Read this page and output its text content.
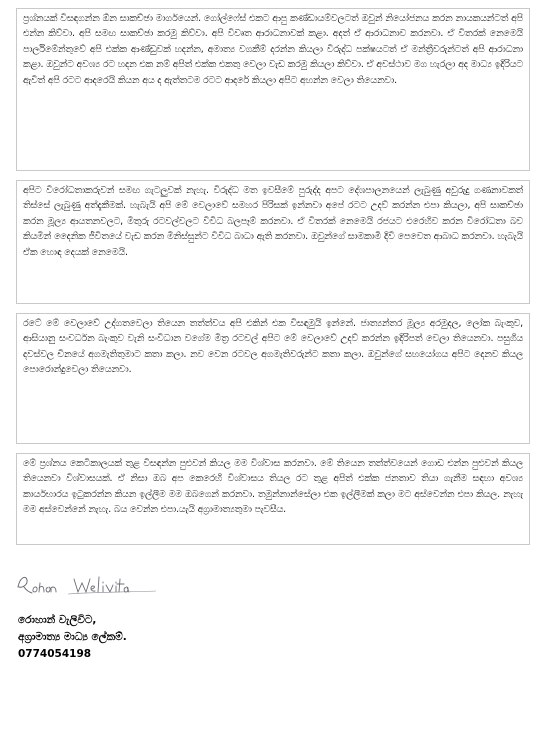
ප්‍රශ්නයක් විසඳගන්න ඕන සාකච්ඡා මාර්ගයෙන්. ගෝල්ෆේස් එකට ආපු කණ්ඩායම්වලටත් ඔවුන් නියෝජනය කරන නායකයන්ටත් අපි එන්න කිව්වා. අපි සමඟ සාකච්ඡා කරමු කිව්වා. අපි විවෘත ආරාධනාවක් කළා. අදත් ඒ ආරාධනාව කරනවා. ඒ විතරක් නෙමෙයි පාර්ලිමේන්තුවේ අපි එක්ක ආණ්ඩුවක් හදන්න, අමාත්‍ය වගකීම් දරන්න කියලා විරුද්ධ පක්ෂයටත් ඒ මන්ත්‍රීවරුන්ටත් අපි ආරාධනා කළා. ඔවුන්ට අවශ්‍ය රට හදන එක නම් අපිත් එක්ක එකතු වෙලා වැඩ කරමු කියලා කිව්වා. ඒ අවස්ථාව මග හැරලා අද මාධ්‍ය ඉදිරියට ඇවිත් අපි රටට ආදරෙයි කියන අය ද ඇත්තටම රටට ආදරේ කියලා අපිට අහන්න වෙලා තියෙනවා.
අපිට විරෝධතාකරුවන් සමඟ ගැටලුවක් නැහැ. විරුද්ධ මත ඉවසීමේ පුරුද්ද අපට දේශපාලනයෙන් ලැබුණු අවුරුදු ගණනාවකත් තිස්සේ ලැබුණු අත්දැකීමක්. හැබැයි අපි මේ වෙලාවේ සමහර පිරිසක් ඉන්නවා අපේ රටට උදව් කරන්න එපා කියලා, අපි සාකච්ඡා කරන මූල්‍ය ආයතනවලට, මිතුරු රටවල්වලට විවිධ බලපෑම් කරනවා. ඒ විතරක් නෙමෙයි රජයට එරෙහිව කරන විරෝධතා බව කියමින් දෛනික ජීවිතයේ වැඩ කරන මිනිස්සුන්ට විවිධ බාධා ඇති කරනවා. ඔවුන්ගේ සාමකාමී දිවි පෙවෙත ආබාධ කරනවා. හැබැයි ඒක හොඳ දෙයක් නෙමෙයි.
රටේ මේ වෙලාවේ උද්ගතවෙලා තියෙන තත්ත්වය අපි එකින් එක විසඳමුයි ඉන්නේ. ජාත්‍යන්තර මූල්‍ය අරමුදල, ලෝක බැංකුව, ආසියානු සංවර්ධන බැංකුව වැනි සංවිධාන වගේම මිත්‍ර රටවල් අපිට මේ වෙලාවේ උදව් කරන්න ඉදිරිපත් වෙලා තියෙනවා. පසුගිය දවස්වල චීනයේ අගමැතිතුමාට කතා කලා. නව වෙන රටවල අගමැතිවරුන්ට කතා කලා. ඔවුන්ගේ සහයෝගය අපිට දෙනව කියල පොරොන්දුවෙලා තියෙනවා.
මේ ප්‍රශ්නය කෙටිකාලයක් තුළ විසඳන්න පුළුවන් කියල මම විශ්වාස කරනවා. මේ තියෙන තත්ත්වයෙන් ගොඩ එන්න පුළුවන් කියල තියෙනවා විශ්වාසයක්. ඒ නිසා ඔබ අප කෙරෙහි විශ්වාසය තියල රට තුළ අපිත් එක්ක ජනතාව තියා ගැනීම සඳහා අවශ්‍ය කාර්යභාරය ඉටුකරන්න කියන ඉල්ලීම මම ඔබගෙන් කරනවා. තමුන්නාන්සේලා එක ඉල්ලීමක් කලා මට අස්වෙන්න එපා කියල. නැහැ මම අස්වෙන්නේ නැහැ. බය වෙන්න එපා.යැයි අග්‍රාමාත්‍යතුමා පැවසීය.
රොහාන් වැලිවිට,
අග්‍රාමාත්‍ය මාධ්‍ය ලේකම්.
0774054198
